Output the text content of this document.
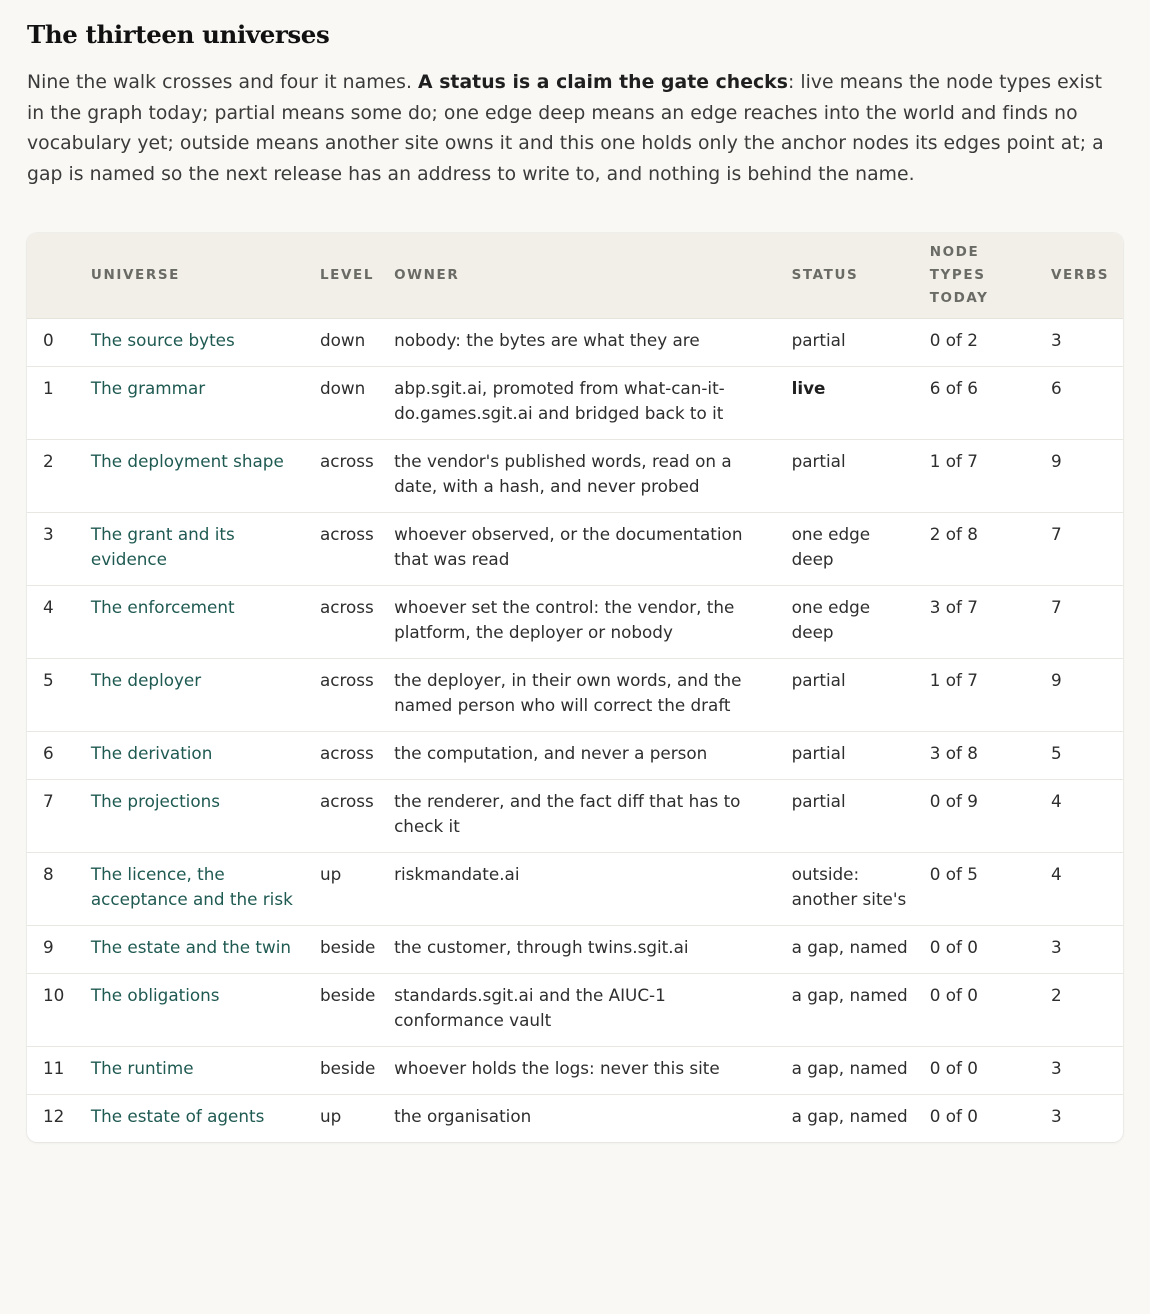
The thirteen universes

Nine the walk crosses and four it names. A status is a claim the gate checks: live means the node types exist in the graph today; partial means some do; one edge deep means an edge reaches into the world and finds no vocabulary yet; outside means another site owns it and this one holds only the anchor nodes its edges point at; a gap is named so the next release has an address to write to, and nothing is behind the name.

	UNIVERSE	LEVEL	OWNER	STATUS	NODE TYPES TODAY	VERBS
0	The source bytes	down	nobody: the bytes are what they are	partial	0 of 2	3
1	The grammar	down	abp.sgit.ai, promoted from what-can-it-do.games.sgit.ai and bridged back to it	live	6 of 6	6
2	The deployment shape	across	the vendor's published words, read on a date, with a hash, and never probed	partial	1 of 7	9
3	The grant and its evidence	across	whoever observed, or the documentation that was read	one edge deep	2 of 8	7
4	The enforcement	across	whoever set the control: the vendor, the platform, the deployer or nobody	one edge deep	3 of 7	7
5	The deployer	across	the deployer, in their own words, and the named person who will correct the draft	partial	1 of 7	9
6	The derivation	across	the computation, and never a person	partial	3 of 8	5
7	The projections	across	the renderer, and the fact diff that has to check it	partial	0 of 9	4
8	The licence, the acceptance and the risk	up	riskmandate.ai	outside: another site's	0 of 5	4
9	The estate and the twin	beside	the customer, through twins.sgit.ai	a gap, named	0 of 0	3
10	The obligations	beside	standards.sgit.ai and the AIUC-1 conformance vault	a gap, named	0 of 0	2
11	The runtime	beside	whoever holds the logs: never this site	a gap, named	0 of 0	3
12	The estate of agents	up	the organisation	a gap, named	0 of 0	3
